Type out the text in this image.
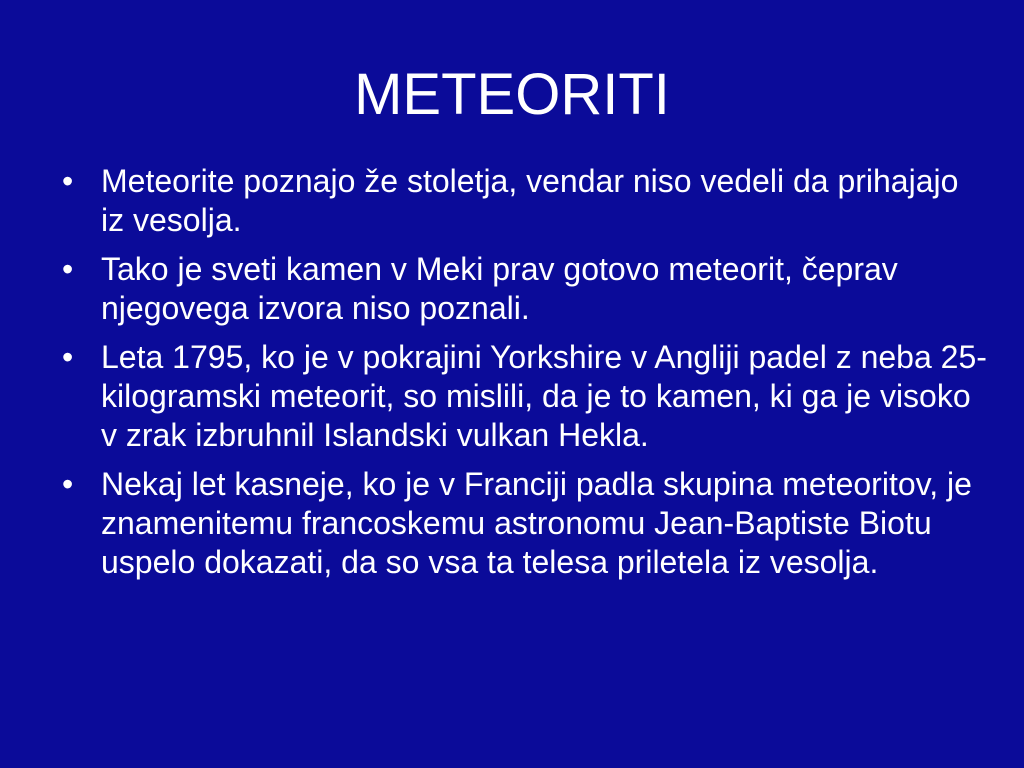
METEORITI
• Meteorite poznajo že stoletja, vendar niso vedeli da prihajajo iz vesolja.
• Tako je sveti kamen v Meki prav gotovo meteorit, čeprav njegovega izvora niso poznali.
• Leta 1795, ko je v pokrajini Yorkshire v Angliji padel z neba 25-kilogramski meteorit, so mislili, da je to kamen, ki ga je visoko v zrak izbruhnil Islandski vulkan Hekla.
• Nekaj let kasneje, ko je v Franciji padla skupina meteoritov, je znamenitemu francoskemu astronomu Jean-Baptiste Biotu uspelo dokazati, da so vsa ta telesa priletela iz vesolja.
